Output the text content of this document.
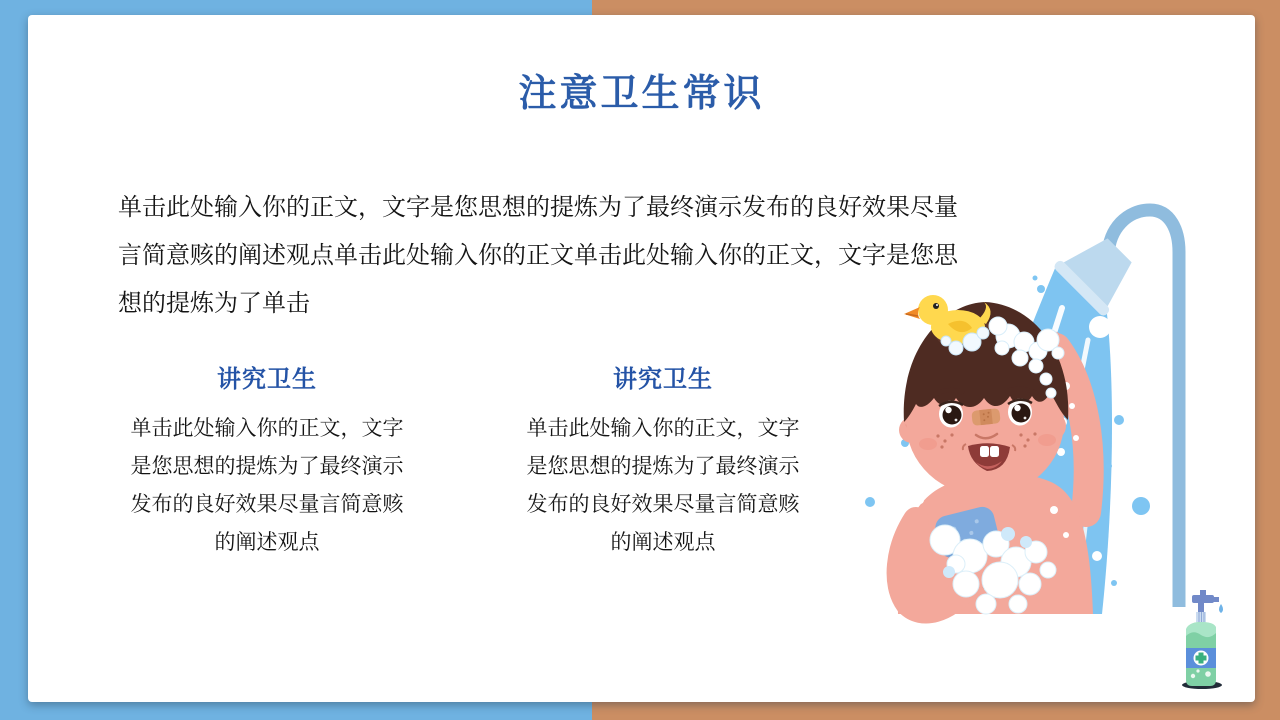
注意卫生常识

单击此处输入你的正文，文字是您思想的提炼为了最终演示发布的良好效果尽量言简意赅的阐述观点单击此处输入你的正文单击此处输入你的正文，文字是您思想的提炼为了单击

讲究卫生

单击此处输入你的正文，文字是您思想的提炼为了最终演示发布的良好效果尽量言简意赅的阐述观点

讲究卫生

单击此处输入你的正文，文字是您思想的提炼为了最终演示发布的良好效果尽量言简意赅的阐述观点
